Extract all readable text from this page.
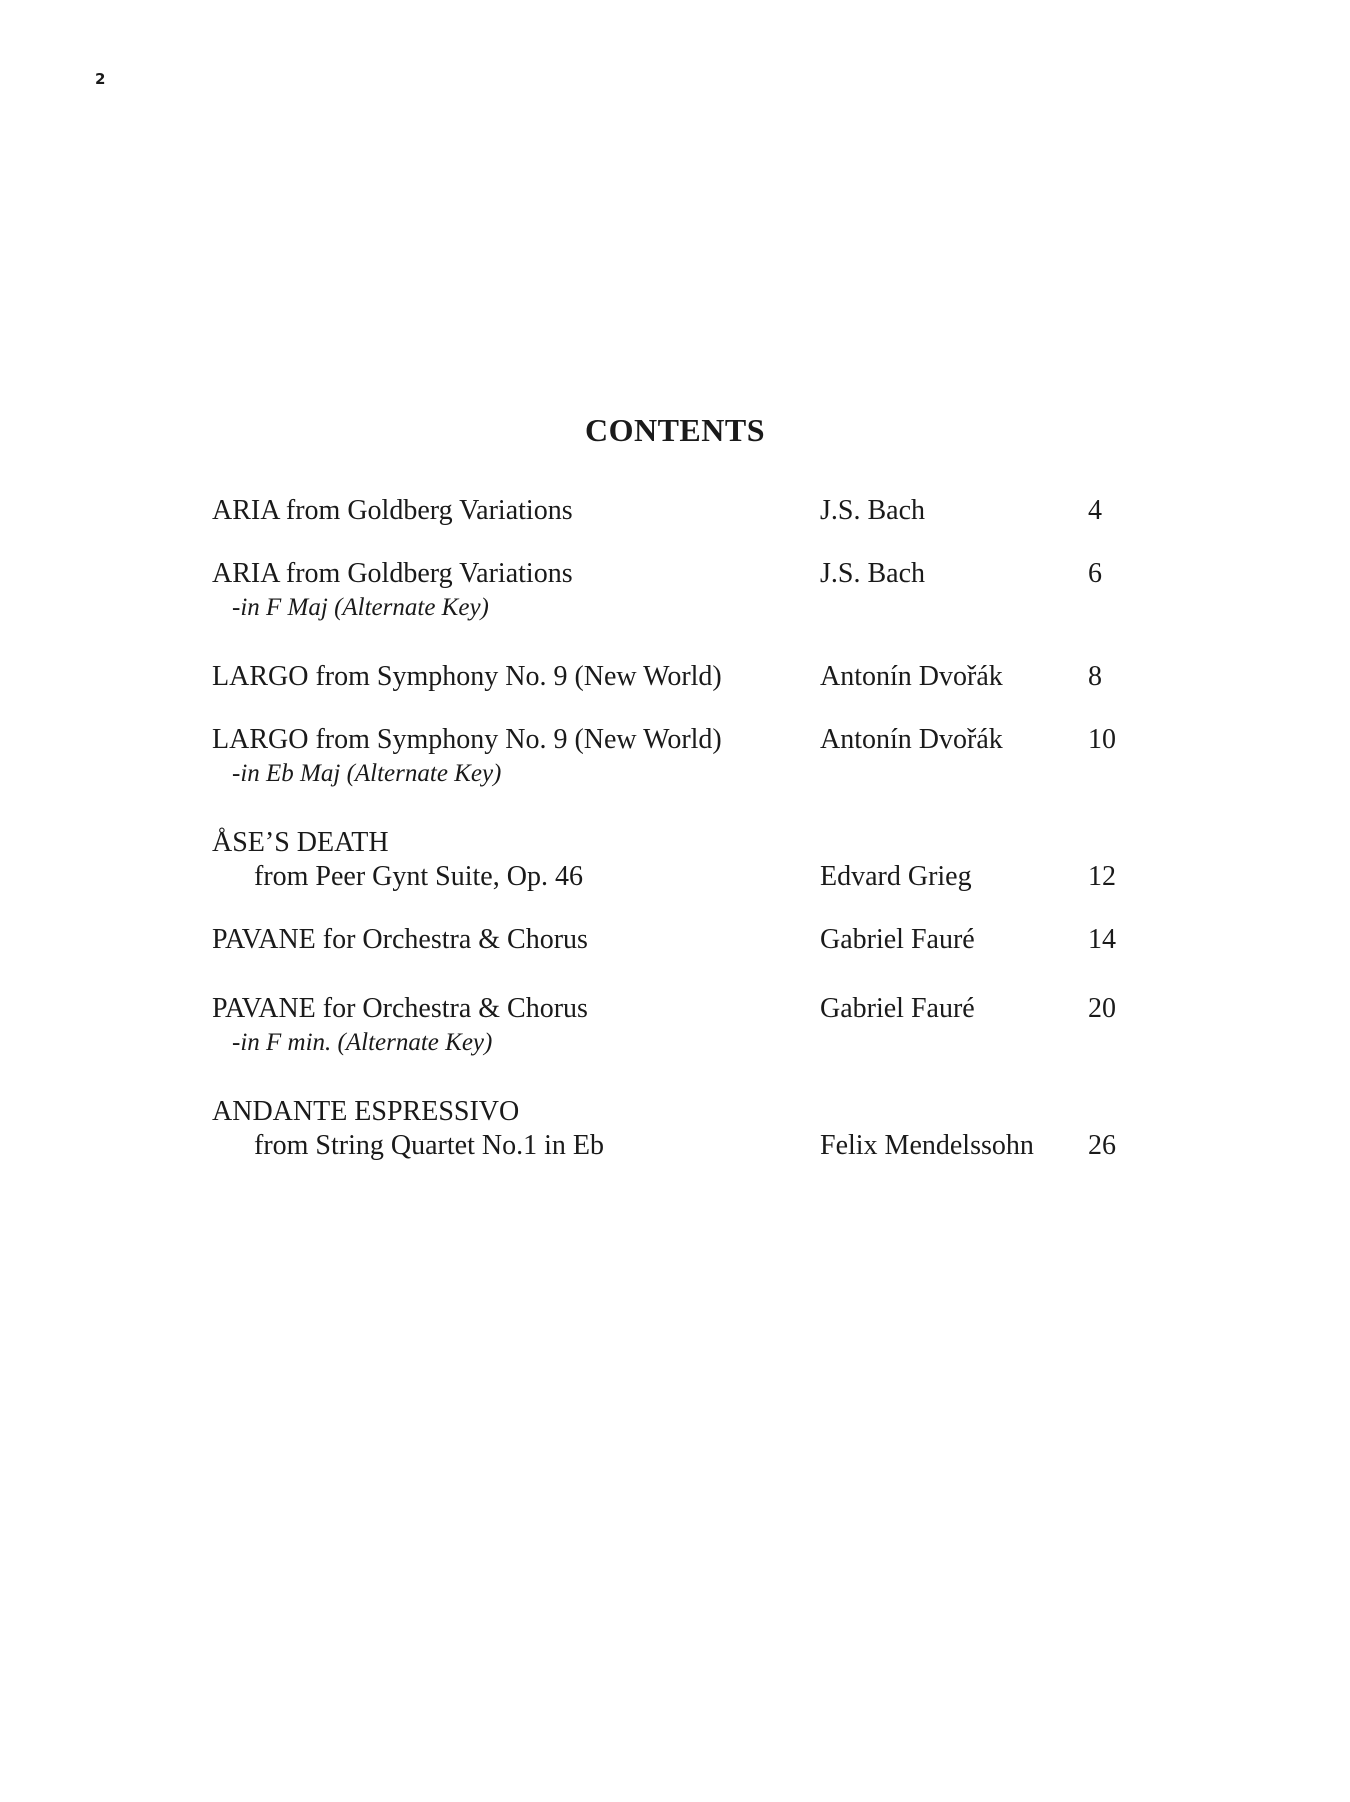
2
CONTENTS
ARIA from Goldberg Variations	J.S. Bach	4
ARIA from Goldberg Variations	J.S. Bach	6
-in F Maj (Alternate Key)
LARGO from Symphony No. 9 (New World)	Antonín Dvořák	8
LARGO from Symphony No. 9 (New World)	Antonín Dvořák	10
-in Eb Maj (Alternate Key)
ÅSE’S DEATH
from Peer Gynt Suite, Op. 46	Edvard Grieg	12
PAVANE for Orchestra & Chorus	Gabriel Fauré	14
PAVANE for Orchestra & Chorus	Gabriel Fauré	20
-in F min. (Alternate Key)
ANDANTE ESPRESSIVO
from String Quartet No.1 in Eb	Felix Mendelssohn 26
